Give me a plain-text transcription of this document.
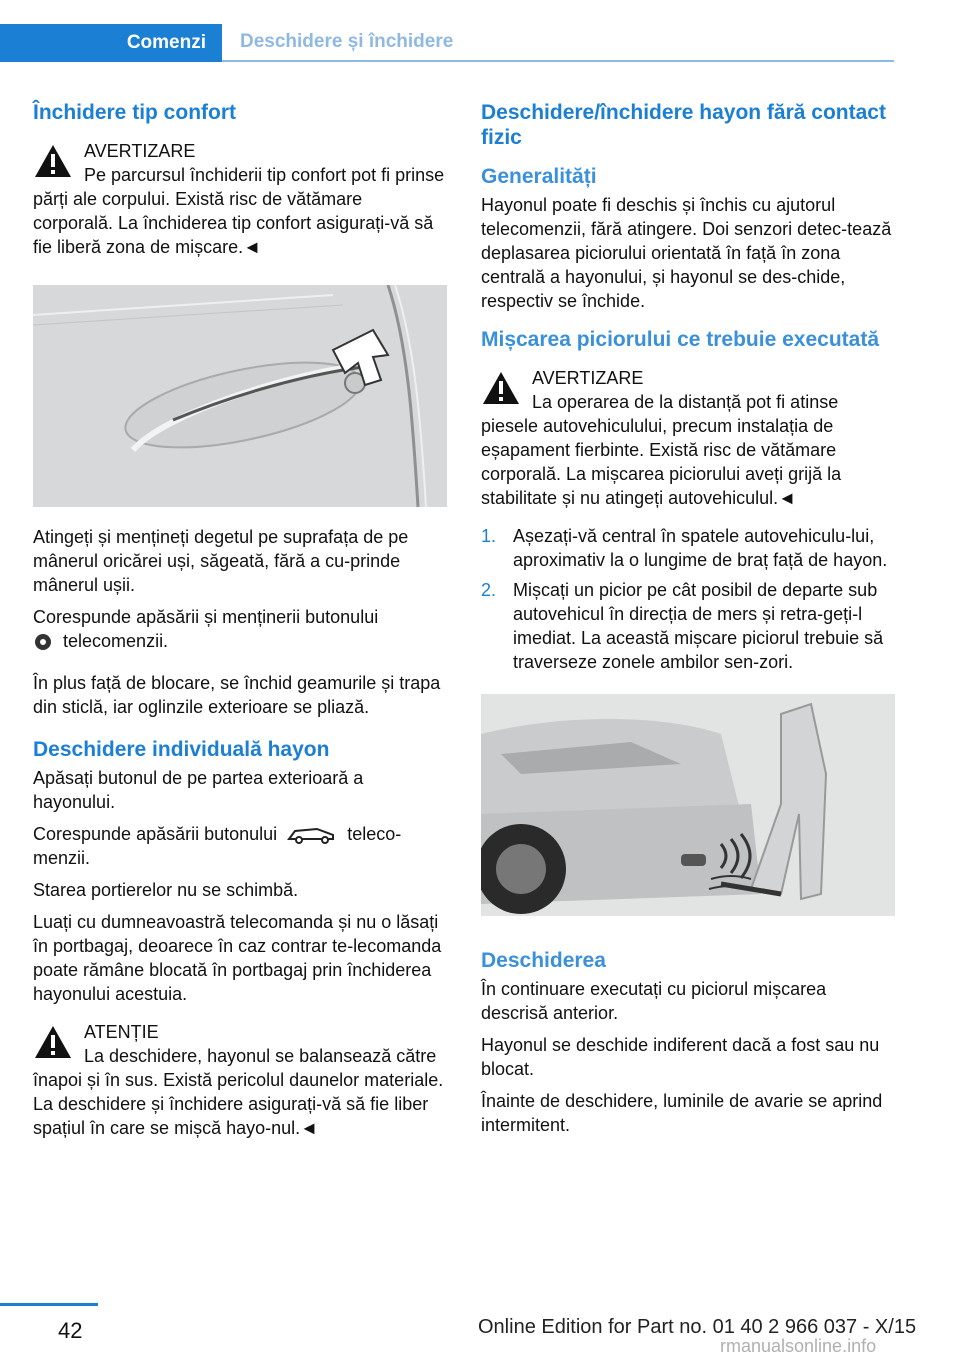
Comenzi Deschidere și închidere
Închidere tip confort

AVERTIZARE

Pe parcursul închiderii tip confort pot fi prinse părți ale corpului. Există risc de vătămare corporală. La închiderea tip confort asigurați-vă să fie liberă zona de mișcare.◄

Atingeți și mențineți degetul pe suprafața de pe mânerul oricărei uși, săgeată, fără a cu-prinde mânerul ușii.

Corespunde apăsării și menținerii butonului
telecomenzii.

În plus față de blocare, se închid geamurile și trapa din sticlă, iar oglinzile exterioare se pliază.

Deschidere individuală hayon

Apăsați butonul de pe partea exterioară a hayonului.

Corespunde apăsării butonului	teleco-
menzii.

Starea portierelor nu se schimbă.

Luați cu dumneavoastră telecomanda și nu o lăsați în portbagaj, deoarece în caz contrar te-lecomanda poate rămâne blocată în portbagaj prin închiderea hayonului acestuia.

ATENȚIE

La deschidere, hayonul se balansează către înapoi și în sus. Există pericolul daunelor materiale. La deschidere și închidere asigurați-vă să fie liber spațiul în care se mișcă hayo-nul.◄

Deschidere/închidere hayon fără contact fizic
Generalități

Hayonul poate fi deschis și închis cu ajutorul telecomenzii, fără atingere. Doi senzori detec-tează deplasarea piciorului orientată în față în zona centrală a hayonului, și hayonul se des-chide, respectiv se închide.

Mișcarea piciorului ce trebuie executată

AVERTIZARE

La operarea de la distanță pot fi atinse piesele autovehiculului, precum instalația de eșapament fierbinte. Există risc de vătămare corporală. La mișcarea piciorului aveți grijă la stabilitate și nu atingeți autovehiculul.◄

1. Așezați-vă central în spatele autovehiculu-lui, aproximativ la o lungime de braț față de hayon.
2. Mișcați un picior pe cât posibil de departe sub autovehicul în direcția de mers și retra-geți-l imediat. La această mișcare piciorul trebuie să traverseze zonele ambilor sen-zori.
Deschiderea

În continuare executați cu piciorul mișcarea descrisă anterior.

Hayonul se deschide indiferent dacă a fost sau nu blocat.

Înainte de deschidere, luminile de avarie se aprind intermitent.

42	Online Edition for Part no. 01 40 2 966 037 - X/15
rmanualsonline.info
